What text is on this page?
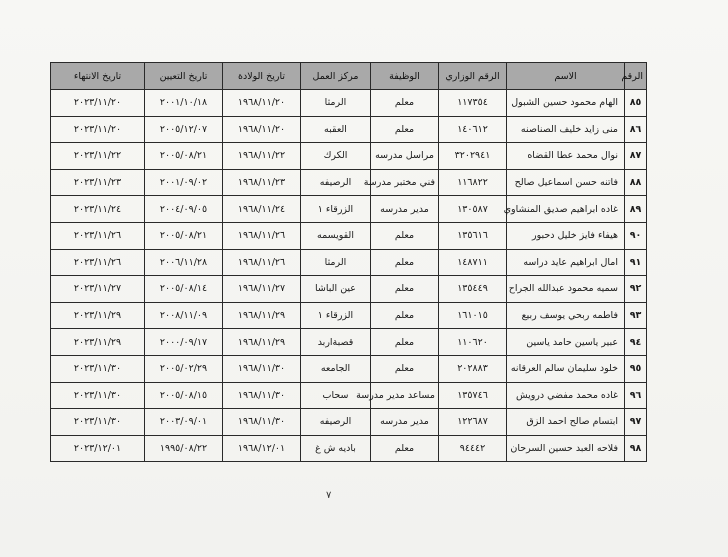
الرقم	الاسم	الرقم الوزاري	الوظيفة	مركز العمل	تاريخ الولادة	تاريخ التعيين	تاريخ الانتهاء
٨٥	الهام محمود حسين الشبول	١١٧٣٥٤	معلم	الرمثا	١٩٦٨/١١/٢٠	٢٠٠١/١٠/١٨	٢٠٢٣/١١/٢٠
٨٦	منى زايد خليف الصناصنه	١٤٠٦١٢	معلم	العقبه	١٩٦٨/١١/٢٠	٢٠٠٥/١٢/٠٧	٢٠٢٣/١١/٢٠
٨٧	نوال محمد عطا القضاه	٣٢٠٢٩٤١	مراسل مدرسه	الكرك	١٩٦٨/١١/٢٢	٢٠٠٥/٠٨/٢١	٢٠٢٣/١١/٢٢
٨٨	فاتنه حسن اسماعيل صالح	١١٦٨٢٢	فني مختبر مدرسة	الرصيفه	١٩٦٨/١١/٢٣	٢٠٠١/٠٩/٠٢	٢٠٢٣/١١/٢٣
٨٩	غاده ابراهيم صديق المنشاوي	١٣٠٥٨٧	مدير مدرسه	الزرقاء ١	١٩٦٨/١١/٢٤	٢٠٠٤/٠٩/٠٥	٢٠٢٣/١١/٢٤
٩٠	هيفاء فايز خليل دحبور	١٣٥٦١٦	معلم	القويسمه	١٩٦٨/١١/٢٦	٢٠٠٥/٠٨/٢١	٢٠٢٣/١١/٢٦
٩١	امال ابراهيم عايد دراسه	١٤٨٧١١	معلم	الرمثا	١٩٦٨/١١/٢٦	٢٠٠٦/١١/٢٨	٢٠٢٣/١١/٢٦
٩٢	سميه محمود عبدالله الجراح	١٣٥٤٤٩	معلم	عين الباشا	١٩٦٨/١١/٢٧	٢٠٠٥/٠٨/١٤	٢٠٢٣/١١/٢٧
٩٣	فاطمه ربحي يوسف ربيع	١٦١٠١٥	معلم	الزرقاء ١	١٩٦٨/١١/٢٩	٢٠٠٨/١١/٠٩	٢٠٢٣/١١/٢٩
٩٤	عبير ياسين حامد ياسين	١١٠٦٢٠	معلم	قصبةاربد	١٩٦٨/١١/٢٩	٢٠٠٠/٠٩/١٧	٢٠٢٣/١١/٢٩
٩٥	خلود سليمان سالم العرقانه	٢٠٢٨٨٣	معلم	الجامعه	١٩٦٨/١١/٣٠	٢٠٠٥/٠٢/٢٩	٢٠٢٣/١١/٣٠
٩٦	غاده محمد مفضي درويش	١٣٥٧٤٦	مساعد مدير مدرسة	سحاب	١٩٦٨/١١/٣٠	٢٠٠٥/٠٨/١٥	٢٠٢٣/١١/٣٠
٩٧	ابتسام صالح احمد الزق	١٢٢٦٨٧	مدير مدرسه	الرصيفه	١٩٦٨/١١/٣٠	٢٠٠٣/٠٩/٠١	٢٠٢٣/١١/٣٠
٩٨	فلاحه العبد حسين السرحان	٩٤٤٤٢	معلم	باديه ش غ	١٩٦٨/١٢/٠١	١٩٩٥/٠٨/٢٢	٢٠٢٣/١٢/٠١
٧
